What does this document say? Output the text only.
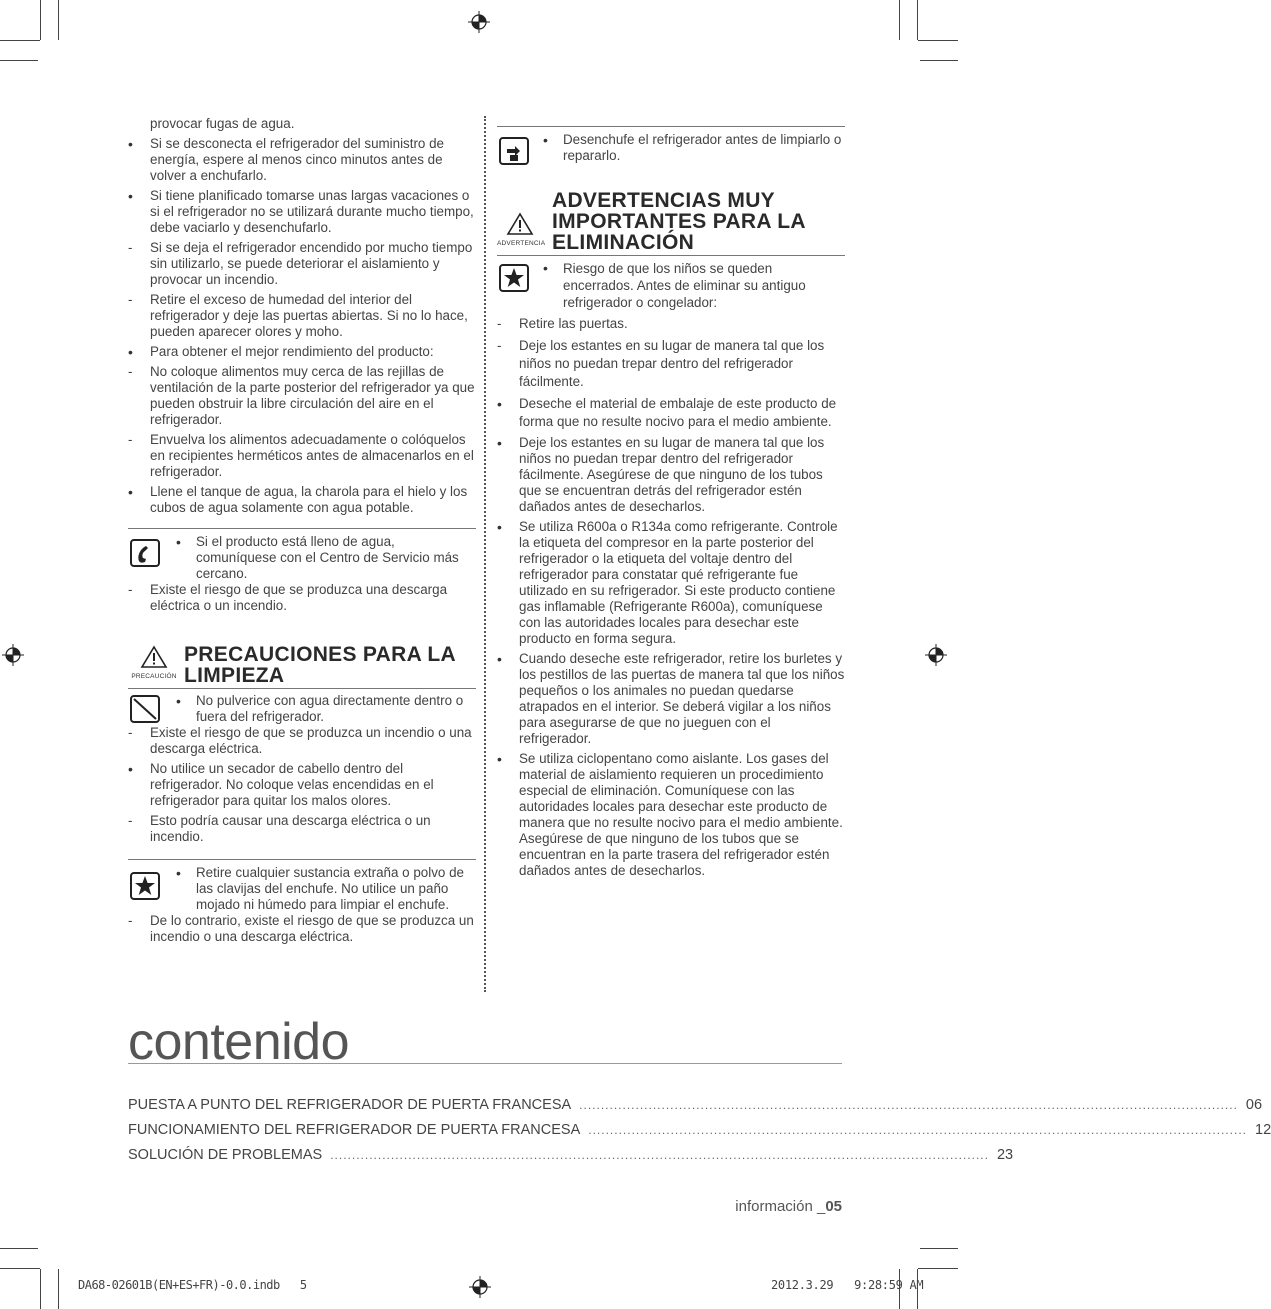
provocar fugas de agua.

• Si se desconecta el refrigerador del suministro de energía, espere al menos cinco minutos antes de volver a enchufarlo.

• Si tiene planificado tomarse unas largas vacaciones o si el refrigerador no se utilizará durante mucho tiempo, debe vaciarlo y desenchufarlo.

- Si se deja el refrigerador encendido por mucho tiempo sin utilizarlo, se puede deteriorar el aislamiento y provocar un incendio.

- Retire el exceso de humedad del interior del refrigerador y deje las puertas abiertas. Si no lo hace, pueden aparecer olores y moho.

• Para obtener el mejor rendimiento del producto:

- No coloque alimentos muy cerca de las rejillas de ventilación de la parte posterior del refrigerador ya que pueden obstruir la libre circulación del aire en el refrigerador.

- Envuelva los alimentos adecuadamente o colóquelos en recipientes herméticos antes de almacenarlos en el refrigerador.

• Llene el tanque de agua, la charola para el hielo y los cubos de agua solamente con agua potable.

• Si el producto está lleno de agua, comuníquese con el Centro de Servicio más cercano.

- Existe el riesgo de que se produzca una descarga eléctrica o un incendio.

PRECAUCIÓN
PRECAUCIONES PARA LA
LIMPIEZA

• No pulverice con agua directamente dentro o fuera del refrigerador.

- Existe el riesgo de que se produzca un incendio o una descarga eléctrica.

• No utilice un secador de cabello dentro del refrigerador. No coloque velas encendidas en el refrigerador para quitar los malos olores.

- Esto podría causar una descarga eléctrica o un incendio.

• Retire cualquier sustancia extraña o polvo de las clavijas del enchufe. No utilice un paño mojado ni húmedo para limpiar el enchufe.

- De lo contrario, existe el riesgo de que se produzca un incendio o una descarga eléctrica.

• Desenchufe el refrigerador antes de limpiarlo o repararlo.

ADVERTENCIA
ADVERTENCIAS MUY
IMPORTANTES PARA LA
ELIMINACIÓN

• Riesgo de que los niños se queden encerrados. Antes de eliminar su antiguo refrigerador o congelador:

- Retire las puertas.

- Deje los estantes en su lugar de manera tal que los niños no puedan trepar dentro del refrigerador fácilmente.

• Deseche el material de embalaje de este producto de forma que no resulte nocivo para el medio ambiente.

• Deje los estantes en su lugar de manera tal que los niños no puedan trepar dentro del refrigerador fácilmente. Asegúrese de que ninguno de los tubos que se encuentran detrás del refrigerador estén dañados antes de desecharlos.

• Se utiliza R600a o R134a como refrigerante. Controle la etiqueta del compresor en la parte posterior del refrigerador o la etiqueta del voltaje dentro del refrigerador para constatar qué refrigerante fue utilizado en su refrigerador. Si este producto contiene gas inflamable (Refrigerante R600a), comuníquese con las autoridades locales para desechar este producto en forma segura.

• Cuando deseche este refrigerador, retire los burletes y los pestillos de las puertas de manera tal que los niños pequeños o los animales no puedan quedarse atrapados en el interior. Se deberá vigilar a los niños para asegurarse de que no jueguen con el refrigerador.

• Se utiliza ciclopentano como aislante. Los gases del material de aislamiento requieren un procedimiento especial de eliminación. Comuníquese con las autoridades locales para desechar este producto de manera que no resulte nocivo para el medio ambiente. Asegúrese de que ninguno de los tubos que se encuentran en la parte trasera del refrigerador estén dañados antes de desecharlos.

contenido
PUESTA A PUNTO DEL REFRIGERADOR DE PUERTA FRANCESA ........................................................................................................................................................ 06
FUNCIONAMIENTO DEL REFRIGERADOR DE PUERTA FRANCESA ........................................................................................................................................................ 12
SOLUCIÓN DE PROBLEMAS ........................................................................................................................................................ 23
información _05
DA68-02601B(EN+ES+FR)-0.0.indb   5	2012.3.29   9:28:59 AM
